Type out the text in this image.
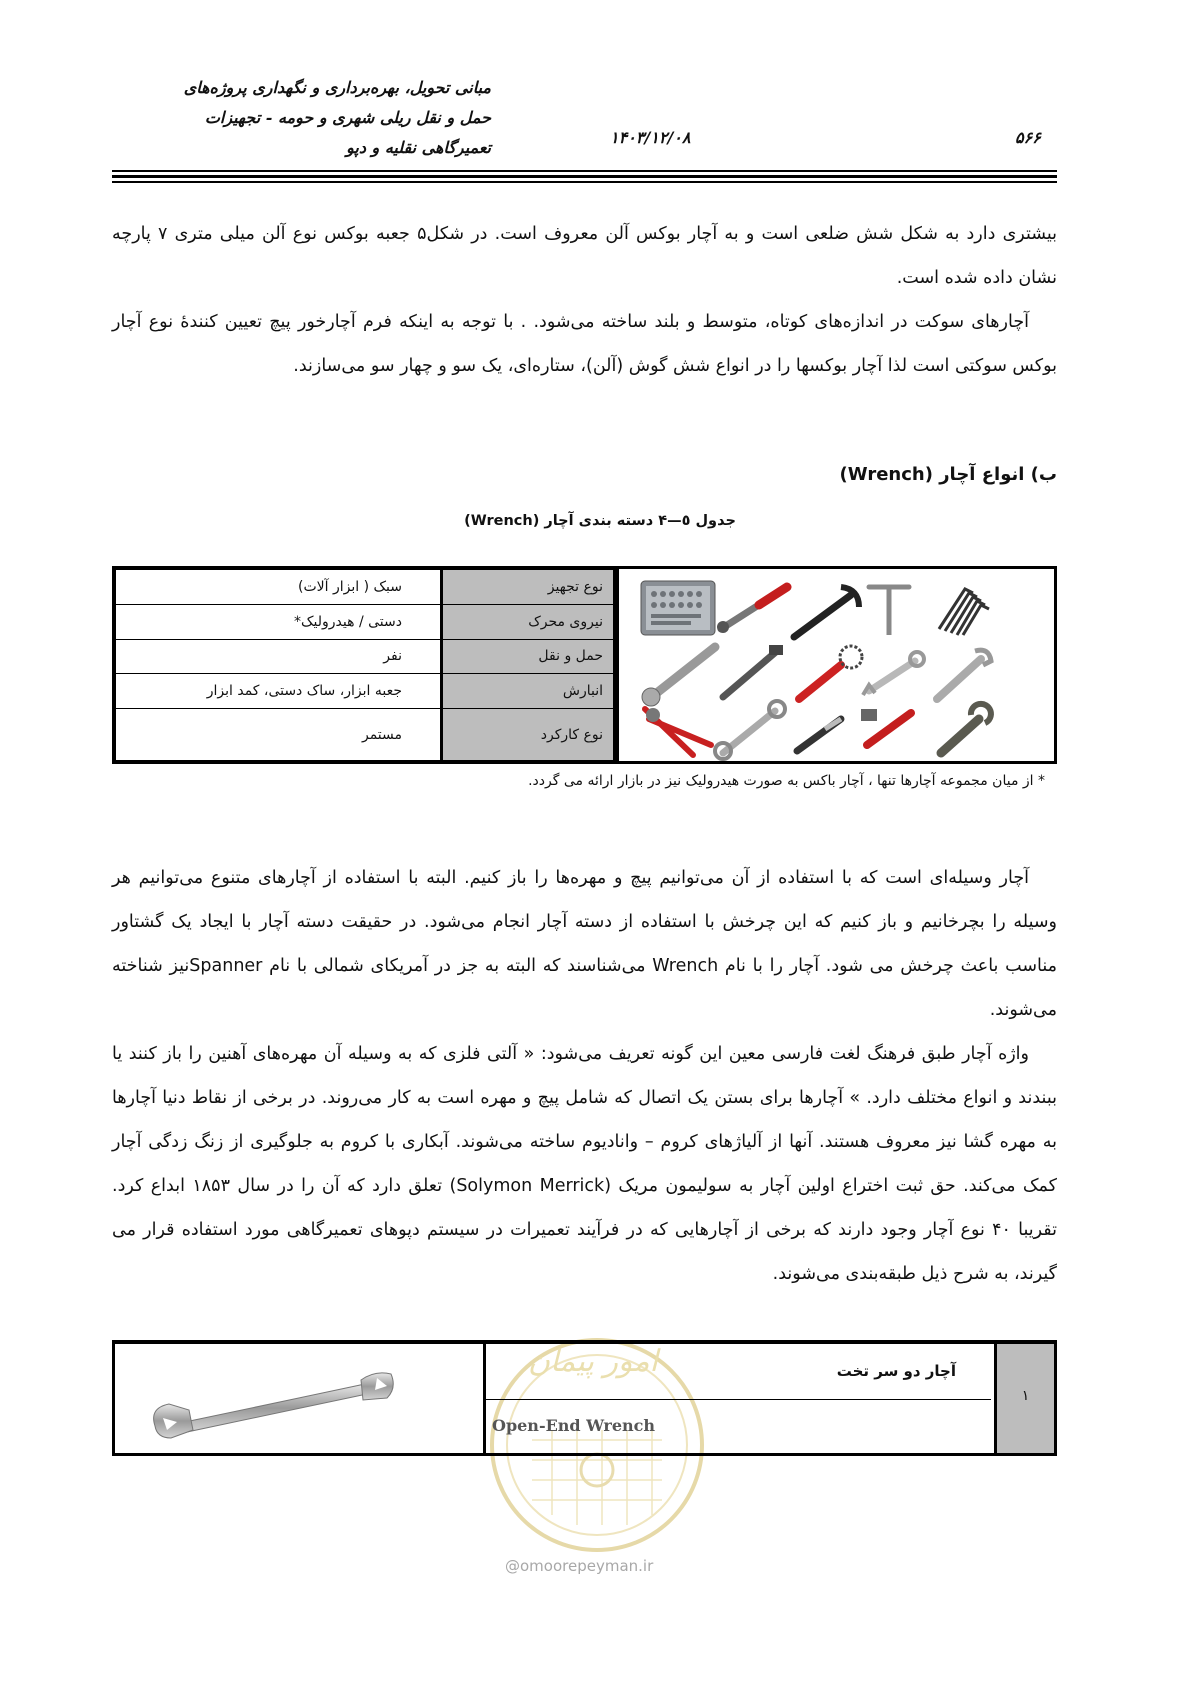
مبانی تحویل، بهره‌برداری و نگهداری پروژه‌های
حمل و نقل ریلی شهری و حومه - تجهیزات
تعمیرگاهی نقلیه و دپو
۱۴۰۳/۱۲/۰۸	۵۶۶

بیشتری دارد به شکل شش ضلعی است و به آچار بوکس آلن معروف است. در شکل۵ جعبه بوکس نوع آلن میلی متری ۷ پارچه نشان داده شده است.

آچارهای سوکت در اندازه‌های کوتاه، متوسط و بلند ساخته می‌شود. . با توجه به اینکه فرم آچارخور پیچ تعیین کنندهٔ نوع آچار بوکس سوکتی است لذا آچار بوکسها را در انواع شش گوش (آلن)، ستاره‌ای، یک سو و چهار سو می‌سازند.

ب) انواع آچار (Wrench)
جدول ٥—۴ دسته بندی آچار (Wrench)
نوع تجهیز	سبک ( ابزار آلات)
نیروی محرک	دستی / هیدرولیک*
حمل و نقل	نفر
انبارش	جعبه ابزار، ساک دستی، کمد ابزار
نوع کارکرد	مستمر
* از میان مجموعه آچارها تنها ، آچار باکس به صورت هیدرولیک نیز در بازار ارائه می گردد.

آچار وسیله‌ای است که با استفاده از آن می‌توانیم پیچ و مهره‌ها را باز کنیم. البته با استفاده از آچارهای متنوع می‌توانیم هر وسیله را بچرخانیم و باز کنیم که این چرخش با استفاده از دسته آچار انجام می‌شود. در حقیقت دسته آچار با ایجاد یک گشتاور مناسب باعث چرخش می شود. آچار را با نام Wrench می‌شناسند که البته به جز در آمریکای شمالی با نام Spannerنیز شناخته می‌شوند.

واژه آچار طبق فرهنگ لغت فارسی معین این گونه تعریف می‌شود: « آلتی فلزی که به وسیله آن مهره‌های آهنین را باز کنند یا ببندند و انواع مختلف دارد. » آچارها برای بستن یک اتصال که شامل پیچ و مهره است به کار می‌روند. در برخی از نقاط دنیا آچارها به مهره گشا نیز معروف هستند. آنها از آلیاژهای کروم – وانادیوم ساخته می‌شوند. آبکاری با کروم به جلوگیری از زنگ زدگی آچار کمک می‌کند. حق ثبت اختراع اولین آچار به سولیمون مریک (Solymon Merrick) تعلق دارد که آن را در سال ۱۸۵۳ ابداع کرد. تقریبا ۴۰ نوع آچار وجود دارند که برخی از آچارهایی که در فرآیند تعمیرات در سیستم دپوهای تعمیرگاهی مورد استفاده قرار می گیرند، به شرح ذیل طبقه‌بندی می‌شوند.

امور پیمان
۱
آچار دو سر تخت
Open-End Wrench
@omoorepeyman.ir
